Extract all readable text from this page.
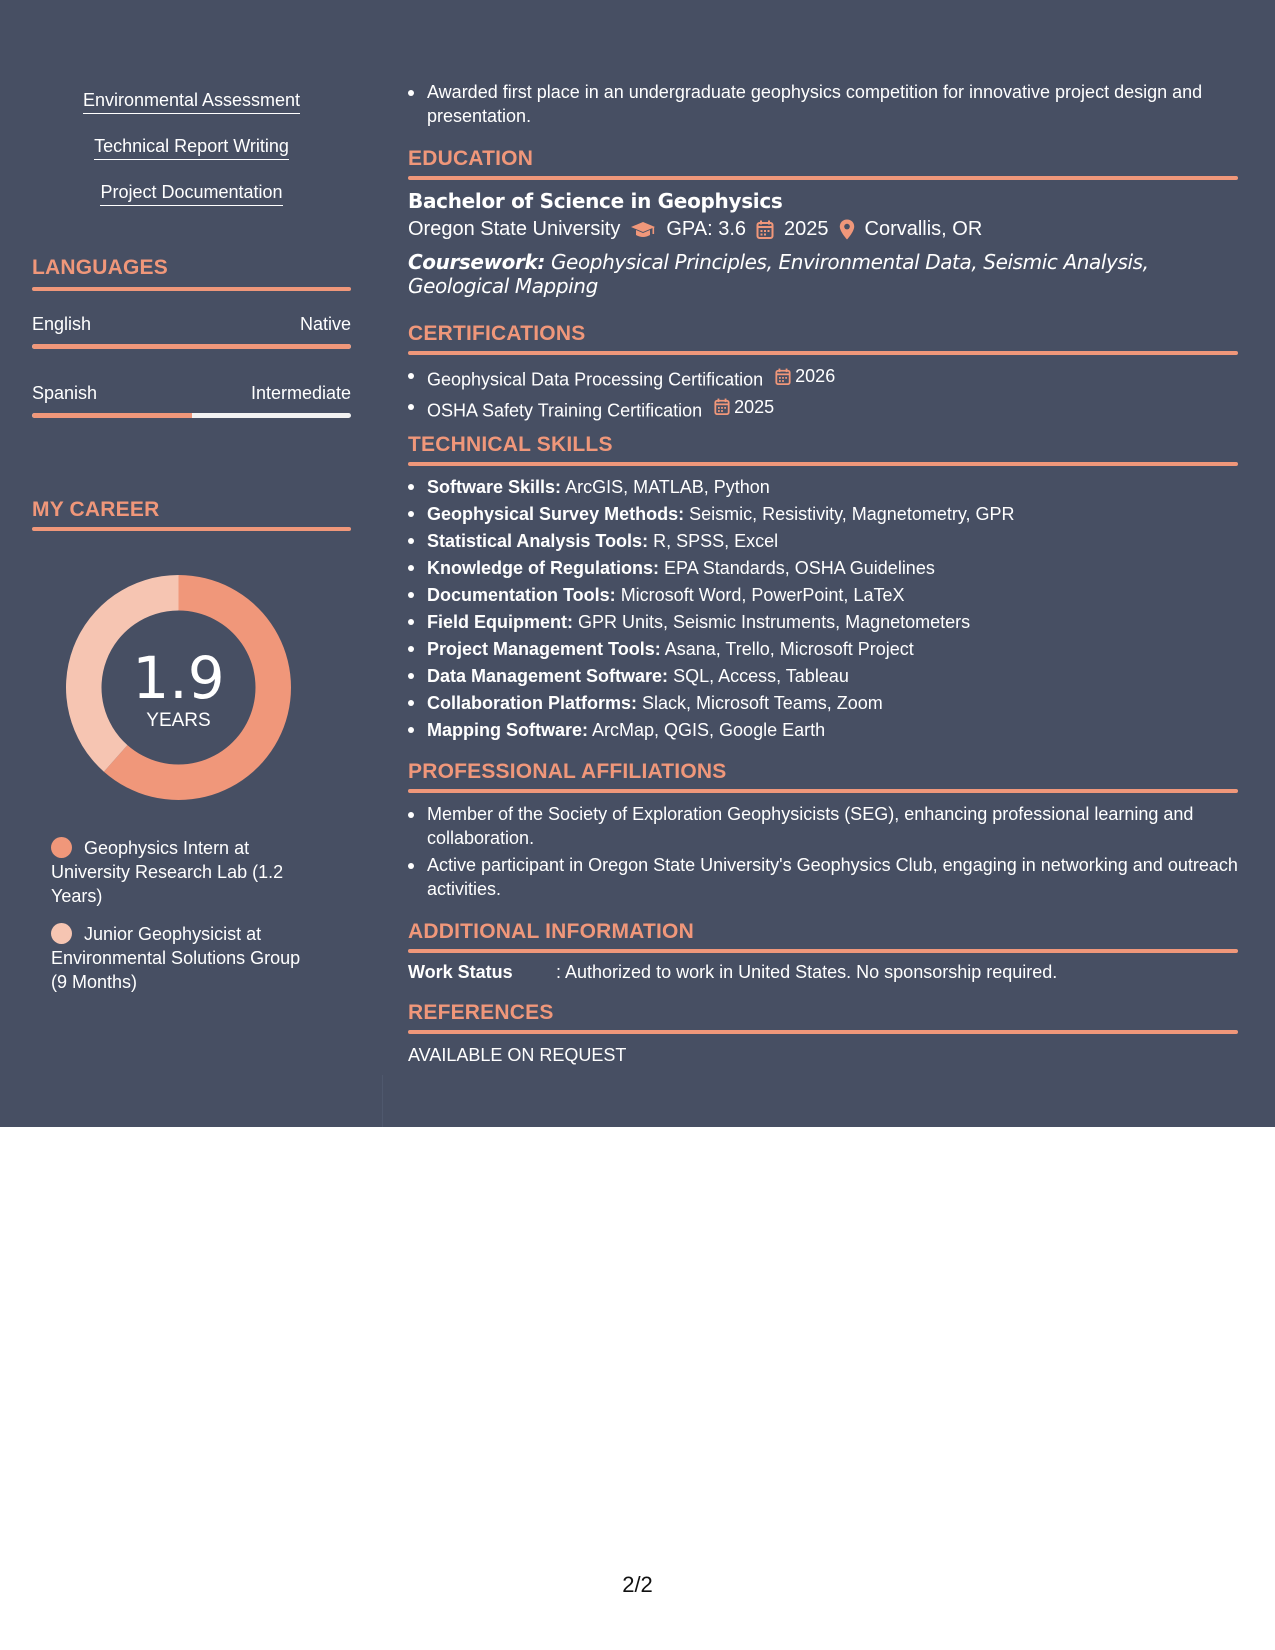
Environmental Assessment
Technical Report Writing
Project Documentation
LANGUAGES
English	Native
Spanish	Intermediate
MY CAREER
1.9
YEARS
Geophysics Intern at University Research Lab (1.2 Years)
Junior Geophysicist at Environmental Solutions Group (9 Months)
Awarded first place in an undergraduate geophysics competition for innovative project design and presentation.
EDUCATION
Bachelor of Science in Geophysics
Oregon State University GPA: 3.6 2025 Corvallis, OR
Coursework: Geophysical Principles, Environmental Data, Seismic Analysis, Geological Mapping
CERTIFICATIONS
Geophysical Data Processing Certification 2026
OSHA Safety Training Certification 2025
TECHNICAL SKILLS
Software Skills: ArcGIS, MATLAB, Python
Geophysical Survey Methods: Seismic, Resistivity, Magnetometry, GPR
Statistical Analysis Tools: R, SPSS, Excel
Knowledge of Regulations: EPA Standards, OSHA Guidelines
Documentation Tools: Microsoft Word, PowerPoint, LaTeX
Field Equipment: GPR Units, Seismic Instruments, Magnetometers
Project Management Tools: Asana, Trello, Microsoft Project
Data Management Software: SQL, Access, Tableau
Collaboration Platforms: Slack, Microsoft Teams, Zoom
Mapping Software: ArcMap, QGIS, Google Earth
PROFESSIONAL AFFILIATIONS
Member of the Society of Exploration Geophysicists (SEG), enhancing professional learning and collaboration.
Active participant in Oregon State University's Geophysics Club, engaging in networking and outreach activities.
ADDITIONAL INFORMATION
Work Status	: Authorized to work in United States. No sponsorship required.
REFERENCES
AVAILABLE ON REQUEST
2/2
